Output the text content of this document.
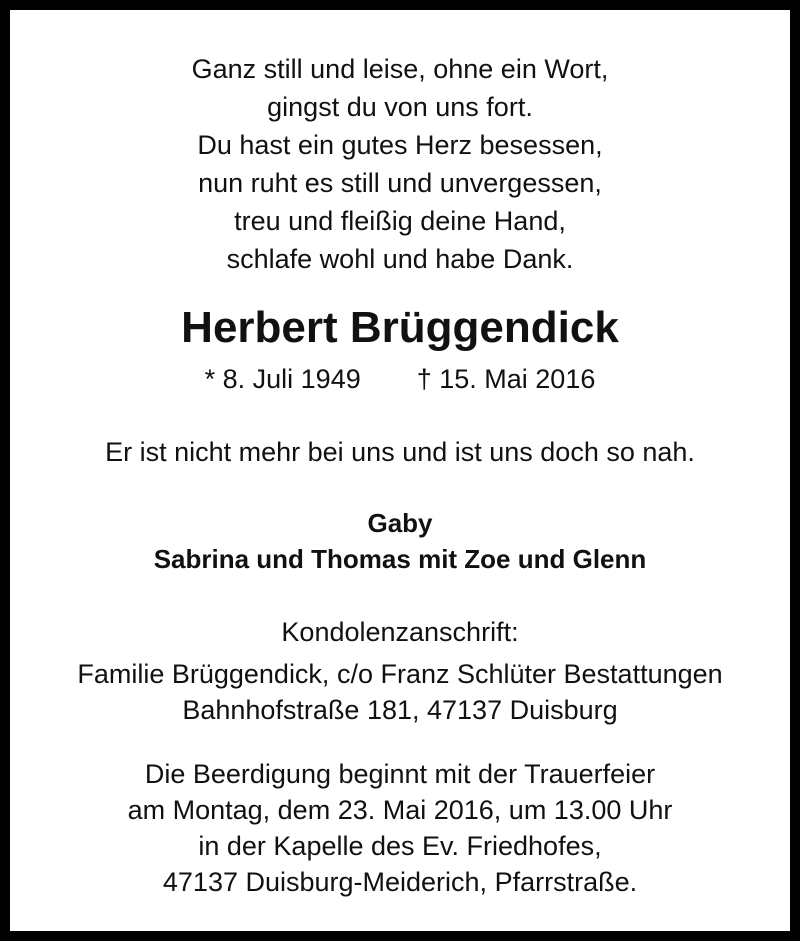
Ganz still und leise, ohne ein Wort,
gingst du von uns fort.
Du hast ein gutes Herz besessen,
nun ruht es still und unvergessen,
treu und fleißig deine Hand,
schlafe wohl und habe Dank.
Herbert Brüggendick
* 8. Juli 1949 † 15. Mai 2016
Er ist nicht mehr bei uns und ist uns doch so nah.
Gaby
Sabrina und Thomas mit Zoe und Glenn
Kondolenzanschrift:
Familie Brüggendick, c/o Franz Schlüter Bestattungen
Bahnhofstraße 181, 47137 Duisburg
Die Beerdigung beginnt mit der Trauerfeier
am Montag, dem 23. Mai 2016, um 13.00 Uhr
in der Kapelle des Ev. Friedhofes,
47137 Duisburg-Meiderich, Pfarrstraße.
